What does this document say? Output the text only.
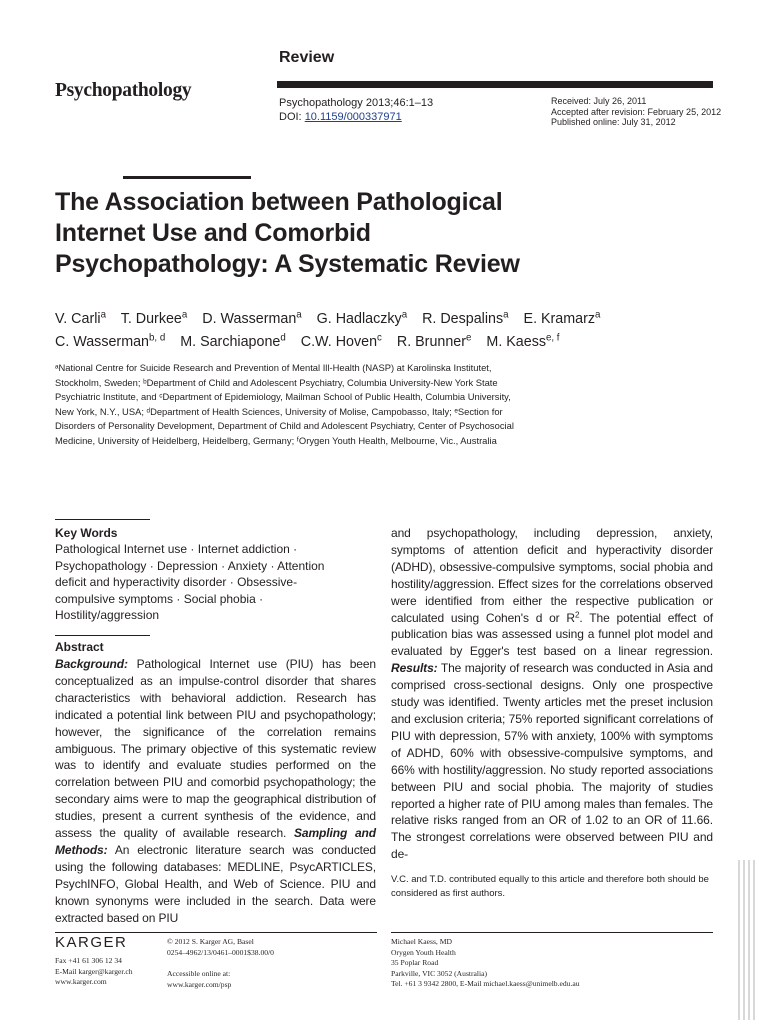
Review
Psychopathology
Psychopathology 2013;46:1–13
DOI: 10.1159/000337971
Received: July 26, 2011
Accepted after revision: February 25, 2012
Published online: July 31, 2012
The Association between Pathological
Internet Use and Comorbid
Psychopathology: A Systematic Review
V. Carli$^a$ T. Durkee$^a$ D. Wasserman$^a$ G. Hadlaczky$^a$ R. Despalins$^a$ E. Kramarz$^a$
C. Wasserman$^{b, d}$ M. Sarchiapone$^d$ C.W. Hoven$^c$ R. Brunner$^e$ M. Kaess$^{e, f}$
ᵃNational Centre for Suicide Research and Prevention of Mental Ill-Health (NASP) at Karolinska Institutet,
Stockholm, Sweden; ᵇDepartment of Child and Adolescent Psychiatry, Columbia University-New York State
Psychiatric Institute, and ᶜDepartment of Epidemiology, Mailman School of Public Health, Columbia University,
New York, N.Y., USA; ᵈDepartment of Health Sciences, University of Molise, Campobasso, Italy; ᵉSection for
Disorders of Personality Development, Department of Child and Adolescent Psychiatry, Center of Psychosocial
Medicine, University of Heidelberg, Heidelberg, Germany; ᶠOrygen Youth Health, Melbourne, Vic., Australia
Key Words
Pathological Internet use · Internet addiction · Psychopathology · Depression · Anxiety · Attention deficit and hyperactivity disorder · Obsessive-compulsive symptoms · Social phobia · Hostility/aggression
Abstract
Background: Pathological Internet use (PIU) has been conceptualized as an impulse-control disorder that shares characteristics with behavioral addiction. Research has indicated a potential link between PIU and psychopathology; however, the significance of the correlation remains ambiguous. The primary objective of this systematic review was to identify and evaluate studies performed on the correlation between PIU and comorbid psychopathology; the secondary aims were to map the geographical distribution of studies, present a current synthesis of the evidence, and assess the quality of available research. Sampling and Methods: An electronic literature search was conducted using the following databases: MEDLINE, PsycARTICLES, PsychINFO, Global Health, and Web of Science. PIU and known synonyms were included in the search. Data were extracted based on PIU
and psychopathology, including depression, anxiety, symptoms of attention deficit and hyperactivity disorder (ADHD), obsessive-compulsive symptoms, social phobia and hostility/aggression. Effect sizes for the correlations observed were identified from either the respective publication or calculated using Cohen's d or $R^2$. The potential effect of publication bias was assessed using a funnel plot model and evaluated by Egger's test based on a linear regression. Results: The majority of research was conducted in Asia and comprised cross-sectional designs. Only one prospective study was identified. Twenty articles met the preset inclusion and exclusion criteria; 75% reported significant correlations of PIU with depression, 57% with anxiety, 100% with symptoms of ADHD, 60% with obsessive-compulsive symptoms, and 66% with hostility/aggression. No study reported associations between PIU and social phobia. The majority of studies reported a higher rate of PIU among males than females. The relative risks ranged from an OR of 1.02 to an OR of 11.66. The strongest correlations were observed between PIU and de-
V.C. and T.D. contributed equally to this article and therefore both should be considered as first authors.
KARGER
Fax +41 61 306 12 34
E-Mail karger@karger.ch
www.karger.com
© 2012 S. Karger AG, Basel
0254–4962/13/0461–0001$38.00/0
Accessible online at:
www.karger.com/psp
Michael Kaess, MD
Orygen Youth Health
35 Poplar Road
Parkville, VIC 3052 (Australia)
Tel. +61 3 9342 2800, E-Mail michael.kaess@unimelb.edu.au
